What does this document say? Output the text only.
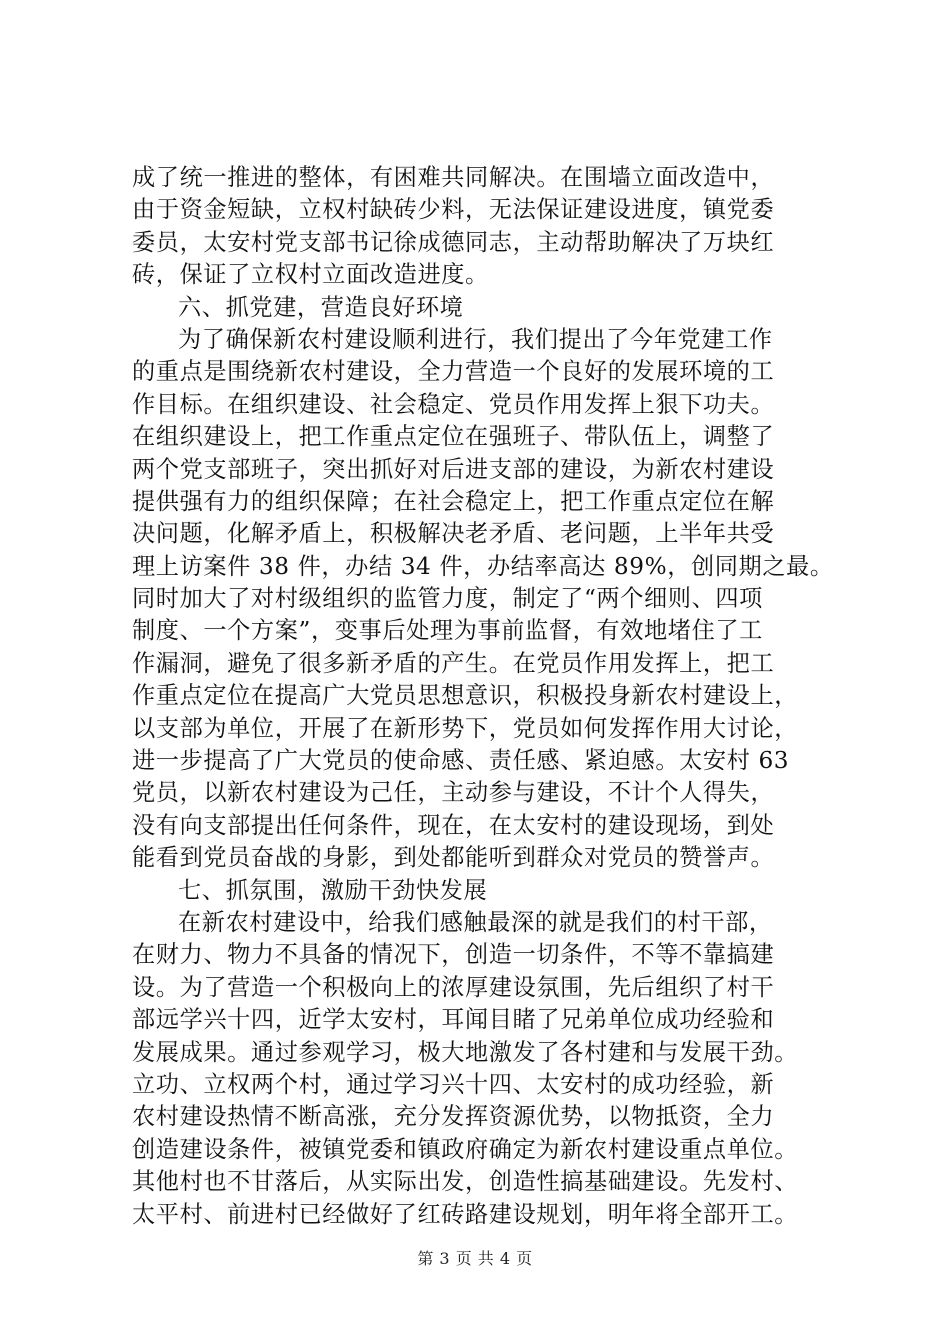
成了统一推进的整体，有困难共同解决。在围墙立面改造中，
由于资金短缺，立权村缺砖少料，无法保证建设进度，镇党委
委员，太安村党支部书记徐成德同志，主动帮助解决了万块红
砖，保证了立权村立面改造进度。
六、抓党建，营造良好环境
为了确保新农村建设顺利进行，我们提出了今年党建工作
的重点是围绕新农村建设，全力营造一个良好的发展环境的工
作目标。在组织建设、社会稳定、党员作用发挥上狠下功夫。
在组织建设上，把工作重点定位在强班子、带队伍上，调整了
两个党支部班子，突出抓好对后进支部的建设，为新农村建设
提供强有力的组织保障；在社会稳定上，把工作重点定位在解
决问题，化解矛盾上，积极解决老矛盾、老问题，上半年共受
理上访案件 38 件，办结 34 件，办结率高达 89%，创同期之最。
同时加大了对村级组织的监管力度，制定了“两个细则、四项
制度、一个方案”，变事后处理为事前监督，有效地堵住了工
作漏洞，避免了很多新矛盾的产生。在党员作用发挥上，把工
作重点定位在提高广大党员思想意识，积极投身新农村建设上，
以支部为单位，开展了在新形势下，党员如何发挥作用大讨论，
进一步提高了广大党员的使命感、责任感、紧迫感。太安村 63
党员，以新农村建设为己任，主动参与建设，不计个人得失，
没有向支部提出任何条件，现在，在太安村的建设现场，到处
能看到党员奋战的身影，到处都能听到群众对党员的赞誉声。
七、抓氛围，激励干劲快发展
在新农村建设中，给我们感触最深的就是我们的村干部，
在财力、物力不具备的情况下，创造一切条件，不等不靠搞建
设。为了营造一个积极向上的浓厚建设氛围，先后组织了村干
部远学兴十四，近学太安村，耳闻目睹了兄弟单位成功经验和
发展成果。通过参观学习，极大地激发了各村建和与发展干劲。
立功、立权两个村，通过学习兴十四、太安村的成功经验，新
农村建设热情不断高涨，充分发挥资源优势，以物抵资，全力
创造建设条件，被镇党委和镇政府确定为新农村建设重点单位。
其他村也不甘落后，从实际出发，创造性搞基础建设。先发村、
太平村、前进村已经做好了红砖路建设规划，明年将全部开工。
第 3 页 共 4 页
